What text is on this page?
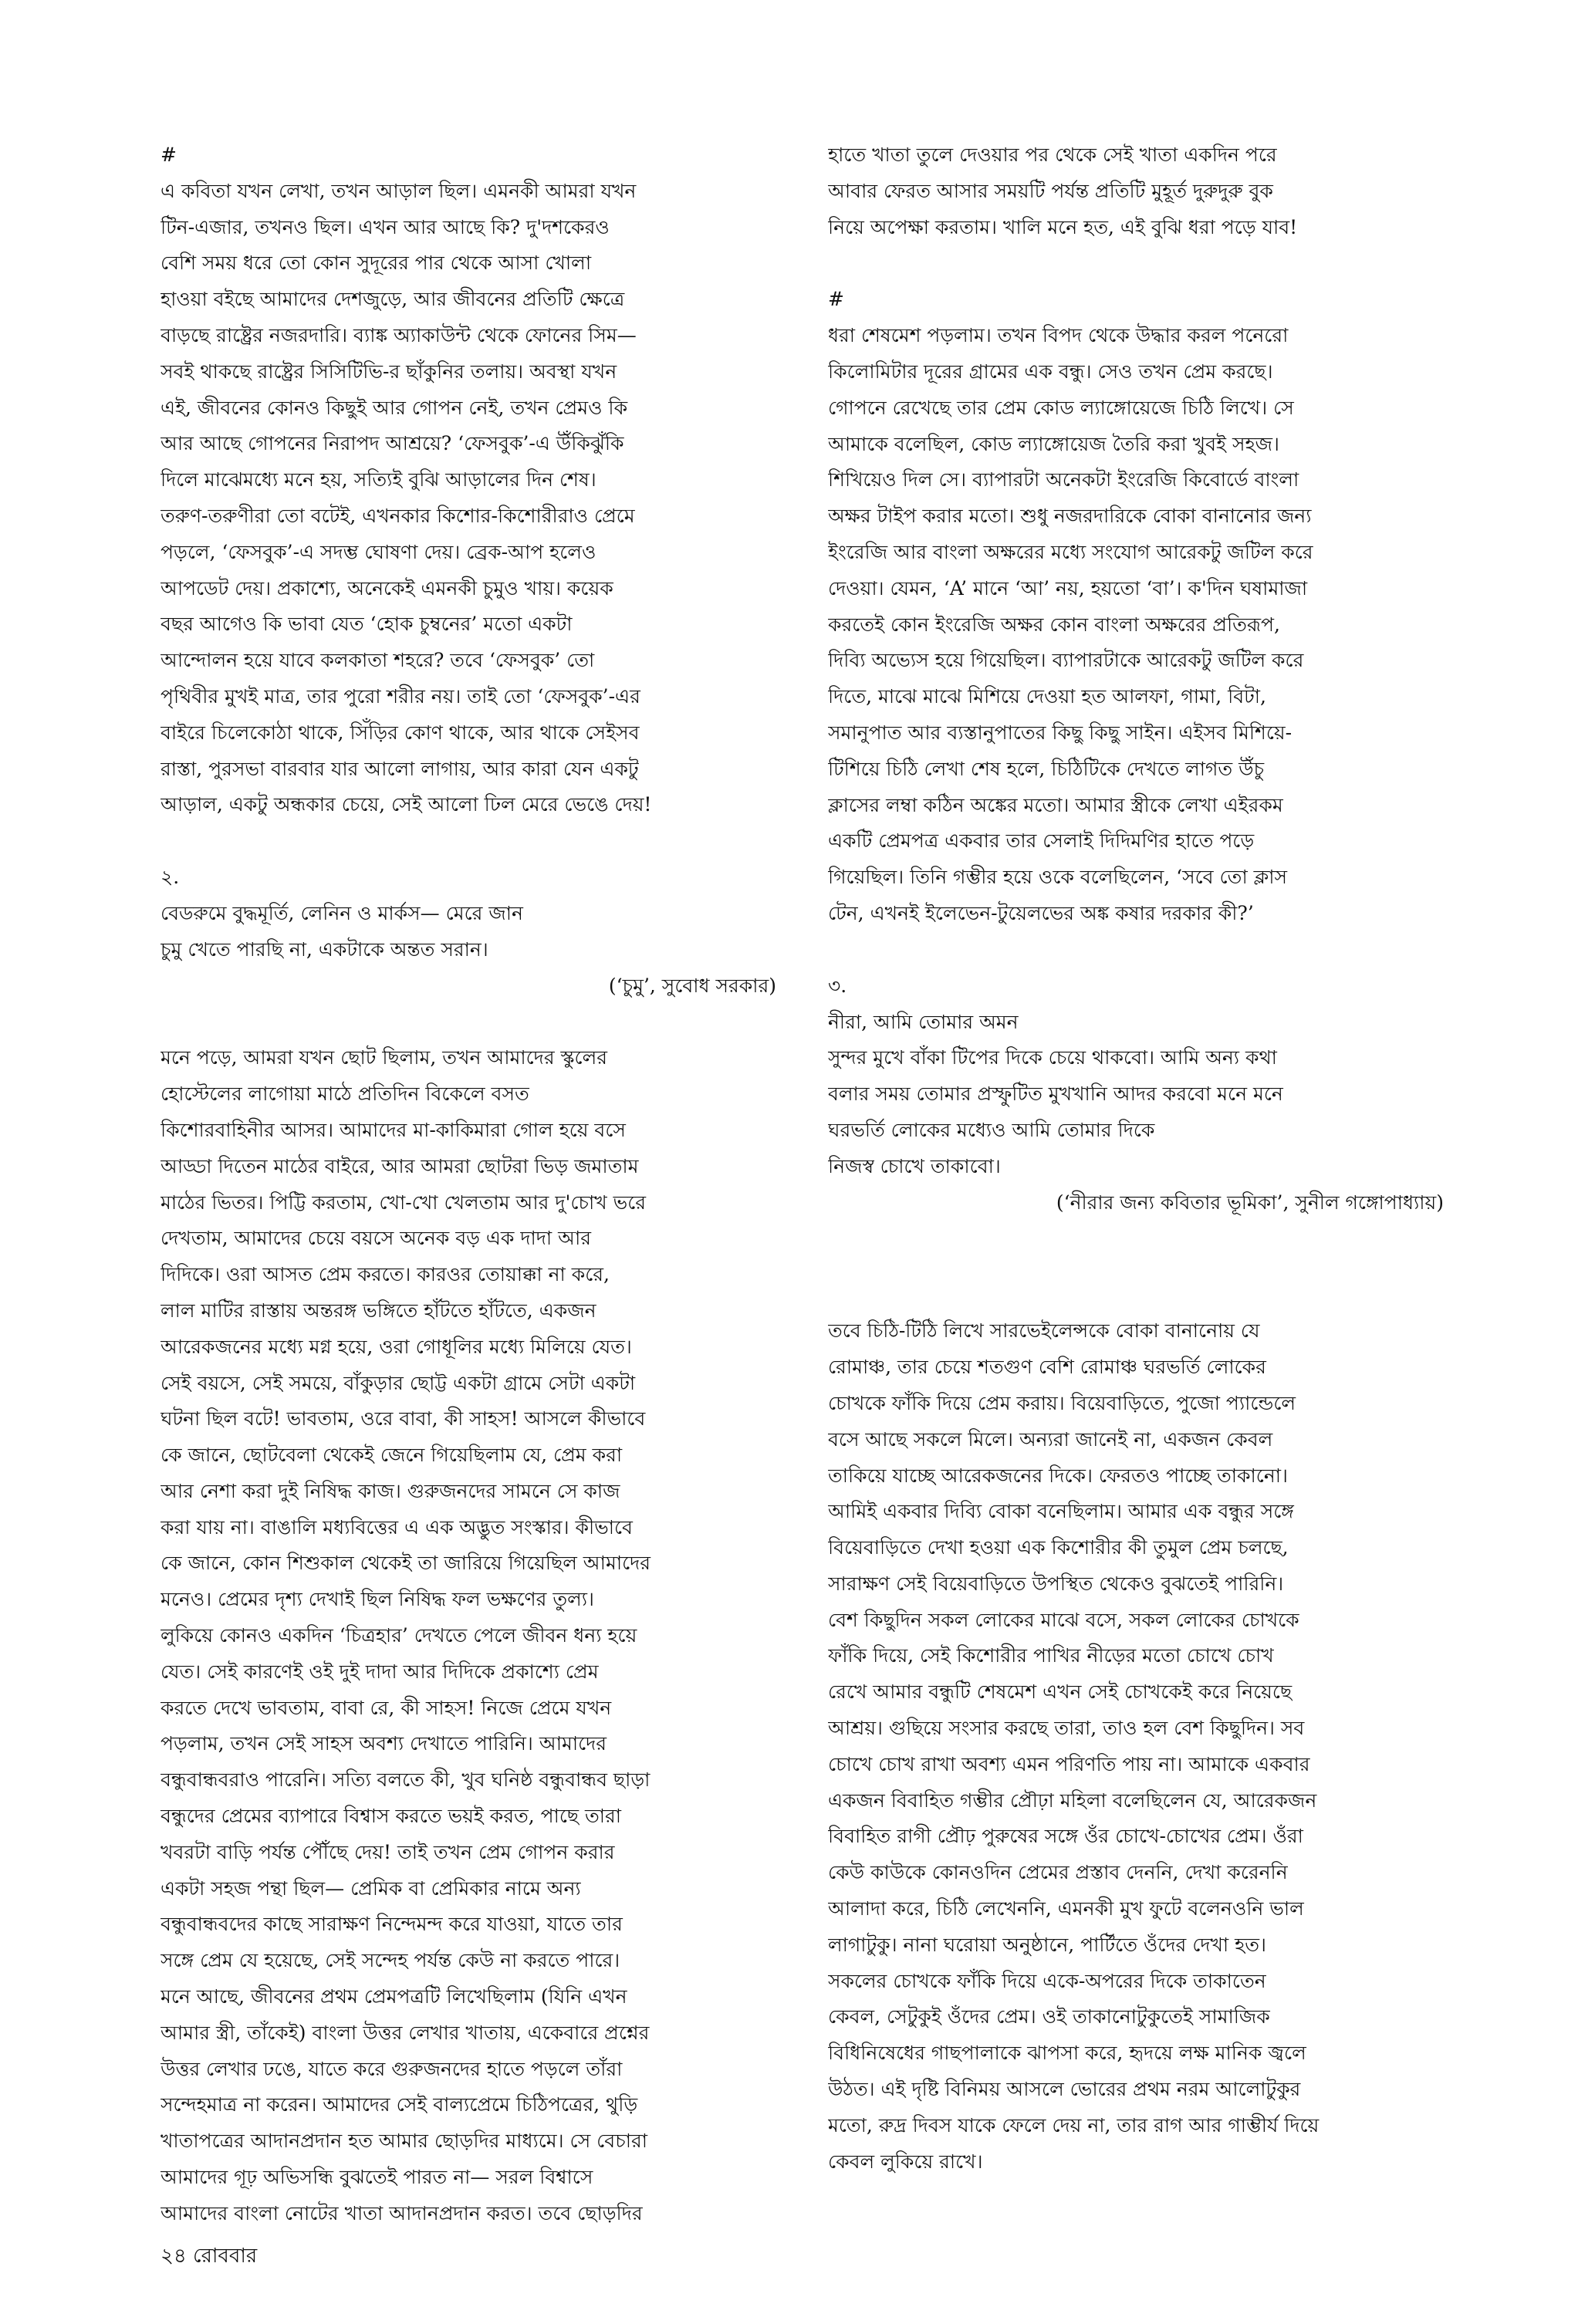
#
এ কবিতা যখন লেখা, তখন আড়াল ছিল। এমনকী আমরা যখন
টিন-এজার, তখনও ছিল। এখন আর আছে কি? দু'দশকেরও
বেশি সময় ধরে তো কোন সুদূরের পার থেকে আসা খোলা
হাওয়া বইছে আমাদের দেশজুড়ে, আর জীবনের প্রতিটি ক্ষেত্রে
বাড়ছে রাষ্ট্রের নজরদারি। ব্যাঙ্ক অ্যাকাউন্ট থেকে ফোনের সিম—
সবই থাকছে রাষ্ট্রের সিসিটিভি-র ছাঁকুনির তলায়। অবস্থা যখন
এই, জীবনের কোনও কিছুই আর গোপন নেই, তখন প্রেমও কি
আর আছে গোপনের নিরাপদ আশ্রয়ে? ‘ফেসবুক’-এ উঁকিঝুঁকি
দিলে মাঝেমধ্যে মনে হয়, সত্যিই বুঝি আড়ালের দিন শেষ।
তরুণ-তরুণীরা তো বটেই, এখনকার কিশোর-কিশোরীরাও প্রেমে
পড়লে, ‘ফেসবুক’-এ সদম্ভ ঘোষণা দেয়। ব্রেক-আপ হলেও
আপডেট দেয়। প্রকাশ্যে, অনেকেই এমনকী চুমুও খায়। কয়েক
বছর আগেও কি ভাবা যেত ‘হোক চুম্বনের’ মতো একটা
আন্দোলন হয়ে যাবে কলকাতা শহরে? তবে ‘ফেসবুক’ তো
পৃথিবীর মুখই মাত্র, তার পুরো শরীর নয়। তাই তো ‘ফেসবুক’-এর
বাইরে চিলেকোঠা থাকে, সিঁড়ির কোণ থাকে, আর থাকে সেইসব
রাস্তা, পুরসভা বারবার যার আলো লাগায়, আর কারা যেন একটু
আড়াল, একটু অন্ধকার চেয়ে, সেই আলো ঢিল মেরে ভেঙে দেয়!
২.
বেডরুমে বুদ্ধমূর্তি, লেনিন ও মার্কস— মেরে জান
চুমু খেতে পারছি না, একটাকে অন্তত সরান।
(‘চুমু’, সুবোধ সরকার)
মনে পড়ে, আমরা যখন ছোট ছিলাম, তখন আমাদের স্কুলের
হোস্টেলের লাগোয়া মাঠে প্রতিদিন বিকেলে বসত
কিশোরবাহিনীর আসর। আমাদের মা-কাকিমারা গোল হয়ে বসে
আড্ডা দিতেন মাঠের বাইরে, আর আমরা ছোটরা ভিড় জমাতাম
মাঠের ভিতর। পিট্টি করতাম, খো-খো খেলতাম আর দু'চোখ ভরে
দেখতাম, আমাদের চেয়ে বয়সে অনেক বড় এক দাদা আর
দিদিকে। ওরা আসত প্রেম করতে। কারওর তোয়াক্কা না করে,
লাল মাটির রাস্তায় অন্তরঙ্গ ভঙ্গিতে হাঁটতে হাঁটতে, একজন
আরেকজনের মধ্যে মগ্ন হয়ে, ওরা গোধূলির মধ্যে মিলিয়ে যেত।
সেই বয়সে, সেই সময়ে, বাঁকুড়ার ছোট্ট একটা গ্রামে সেটা একটা
ঘটনা ছিল বটে! ভাবতাম, ওরে বাবা, কী সাহস! আসলে কীভাবে
কে জানে, ছোটবেলা থেকেই জেনে গিয়েছিলাম যে, প্রেম করা
আর নেশা করা দুই নিষিদ্ধ কাজ। গুরুজনদের সামনে সে কাজ
করা যায় না। বাঙালি মধ্যবিত্তের এ এক অদ্ভুত সংস্কার। কীভাবে
কে জানে, কোন শিশুকাল থেকেই তা জারিয়ে গিয়েছিল আমাদের
মনেও। প্রেমের দৃশ্য দেখাই ছিল নিষিদ্ধ ফল ভক্ষণের তুল্য।
লুকিয়ে কোনও একদিন ‘চিত্রহার’ দেখতে পেলে জীবন ধন্য হয়ে
যেত। সেই কারণেই ওই দুই দাদা আর দিদিকে প্রকাশ্যে প্রেম
করতে দেখে ভাবতাম, বাবা রে, কী সাহস! নিজে প্রেমে যখন
পড়লাম, তখন সেই সাহস অবশ্য দেখাতে পারিনি। আমাদের
বন্ধুবান্ধবরাও পারেনি। সত্যি বলতে কী, খুব ঘনিষ্ঠ বন্ধুবান্ধব ছাড়া
বন্ধুদের প্রেমের ব্যাপারে বিশ্বাস করতে ভয়ই করত, পাছে তারা
খবরটা বাড়ি পর্যন্ত পৌঁছে দেয়! তাই তখন প্রেম গোপন করার
একটা সহজ পন্থা ছিল— প্রেমিক বা প্রেমিকার নামে অন্য
বন্ধুবান্ধবদের কাছে সারাক্ষণ নিন্দেমন্দ করে যাওয়া, যাতে তার
সঙ্গে প্রেম যে হয়েছে, সেই সন্দেহ পর্যন্ত কেউ না করতে পারে।
মনে আছে, জীবনের প্রথম প্রেমপত্রটি লিখেছিলাম (যিনি এখন
আমার স্ত্রী, তাঁকেই) বাংলা উত্তর লেখার খাতায়, একেবারে প্রশ্নের
উত্তর লেখার ঢঙে, যাতে করে গুরুজনদের হাতে পড়লে তাঁরা
সন্দেহমাত্র না করেন। আমাদের সেই বাল্যপ্রেমে চিঠিপত্রের, থুড়ি
খাতাপত্রের আদানপ্রদান হত আমার ছোড়দির মাধ্যমে। সে বেচারা
আমাদের গূঢ় অভিসন্ধি বুঝতেই পারত না— সরল বিশ্বাসে
আমাদের বাংলা নোটের খাতা আদানপ্রদান করত। তবে ছোড়দির
হাতে খাতা তুলে দেওয়ার পর থেকে সেই খাতা একদিন পরে
আবার ফেরত আসার সময়টি পর্যন্ত প্রতিটি মুহূর্ত দুরুদুরু বুক
নিয়ে অপেক্ষা করতাম। খালি মনে হত, এই বুঝি ধরা পড়ে যাব!
#
ধরা শেষমেশ পড়লাম। তখন বিপদ থেকে উদ্ধার করল পনেরো
কিলোমিটার দূরের গ্রামের এক বন্ধু। সেও তখন প্রেম করছে।
গোপনে রেখেছে তার প্রেম কোড ল্যাঙ্গোয়েজে চিঠি লিখে। সে
আমাকে বলেছিল, কোড ল্যাঙ্গোয়েজ তৈরি করা খুবই সহজ।
শিখিয়েও দিল সে। ব্যাপারটা অনেকটা ইংরেজি কিবোর্ডে বাংলা
অক্ষর টাইপ করার মতো। শুধু নজরদারিকে বোকা বানানোর জন্য
ইংরেজি আর বাংলা অক্ষরের মধ্যে সংযোগ আরেকটু জটিল করে
দেওয়া। যেমন, ‘A’ মানে ‘আ’ নয়, হয়তো ‘বা’। ক'দিন ঘষামাজা
করতেই কোন ইংরেজি অক্ষর কোন বাংলা অক্ষরের প্রতিরূপ,
দিব্যি অভ্যেস হয়ে গিয়েছিল। ব্যাপারটাকে আরেকটু জটিল করে
দিতে, মাঝে মাঝে মিশিয়ে দেওয়া হত আলফা, গামা, বিটা,
সমানুপাত আর ব্যস্তানুপাতের কিছু কিছু সাইন। এইসব মিশিয়ে-
টিশিয়ে চিঠি লেখা শেষ হলে, চিঠিটিকে দেখতে লাগত উঁচু
ক্লাসের লম্বা কঠিন অঙ্কের মতো। আমার স্ত্রীকে লেখা এইরকম
একটি প্রেমপত্র একবার তার সেলাই দিদিমণির হাতে পড়ে
গিয়েছিল। তিনি গম্ভীর হয়ে ওকে বলেছিলেন, ‘সবে তো ক্লাস
টেন, এখনই ইলেভেন-টুয়েলভের অঙ্ক কষার দরকার কী?’
৩.
নীরা, আমি তোমার অমন
সুন্দর মুখে বাঁকা টিপের দিকে চেয়ে থাকবো। আমি অন্য কথা
বলার সময় তোমার প্রস্ফুটিত মুখখানি আদর করবো মনে মনে
ঘরভর্তি লোকের মধ্যেও আমি তোমার দিকে
নিজস্ব চোখে তাকাবো।
(‘নীরার জন্য কবিতার ভূমিকা’, সুনীল গঙ্গোপাধ্যায়)
তবে চিঠি-টিঠি লিখে সারভেইলেন্সকে বোকা বানানোয় যে
রোমাঞ্চ, তার চেয়ে শতগুণ বেশি রোমাঞ্চ ঘরভর্তি লোকের
চোখকে ফাঁকি দিয়ে প্রেম করায়। বিয়েবাড়িতে, পুজো প্যান্ডেলে
বসে আছে সকলে মিলে। অন্যরা জানেই না, একজন কেবল
তাকিয়ে যাচ্ছে আরেকজনের দিকে। ফেরতও পাচ্ছে তাকানো।
আমিই একবার দিব্যি বোকা বনেছিলাম। আমার এক বন্ধুর সঙ্গে
বিয়েবাড়িতে দেখা হওয়া এক কিশোরীর কী তুমুল প্রেম চলছে,
সারাক্ষণ সেই বিয়েবাড়িতে উপস্থিত থেকেও বুঝতেই পারিনি।
বেশ কিছুদিন সকল লোকের মাঝে বসে, সকল লোকের চোখকে
ফাঁকি দিয়ে, সেই কিশোরীর পাখির নীড়ের মতো চোখে চোখ
রেখে আমার বন্ধুটি শেষমেশ এখন সেই চোখকেই করে নিয়েছে
আশ্রয়। গুছিয়ে সংসার করছে তারা, তাও হল বেশ কিছুদিন। সব
চোখে চোখ রাখা অবশ্য এমন পরিণতি পায় না। আমাকে একবার
একজন বিবাহিত গম্ভীর প্রৌঢ়া মহিলা বলেছিলেন যে, আরেকজন
বিবাহিত রাগী প্রৌঢ় পুরুষের সঙ্গে ওঁর চোখে-চোখের প্রেম। ওঁরা
কেউ কাউকে কোনওদিন প্রেমের প্রস্তাব দেননি, দেখা করেননি
আলাদা করে, চিঠি লেখেননি, এমনকী মুখ ফুটে বলেনওনি ভাল
লাগাটুকু। নানা ঘরোয়া অনুষ্ঠানে, পার্টিতে ওঁদের দেখা হত।
সকলের চোখকে ফাঁকি দিয়ে একে-অপরের দিকে তাকাতেন
কেবল, সেটুকুই ওঁদের প্রেম। ওই তাকানোটুকুতেই সামাজিক
বিধিনিষেধের গাছপালাকে ঝাপসা করে, হৃদয়ে লক্ষ মানিক জ্বলে
উঠত। এই দৃষ্টি বিনিময় আসলে ভোরের প্রথম নরম আলোটুকুর
মতো, রুদ্র দিবস যাকে ফেলে দেয় না, তার রাগ আর গাম্ভীর্য দিয়ে
কেবল লুকিয়ে রাখে।
২৪ রোববার
